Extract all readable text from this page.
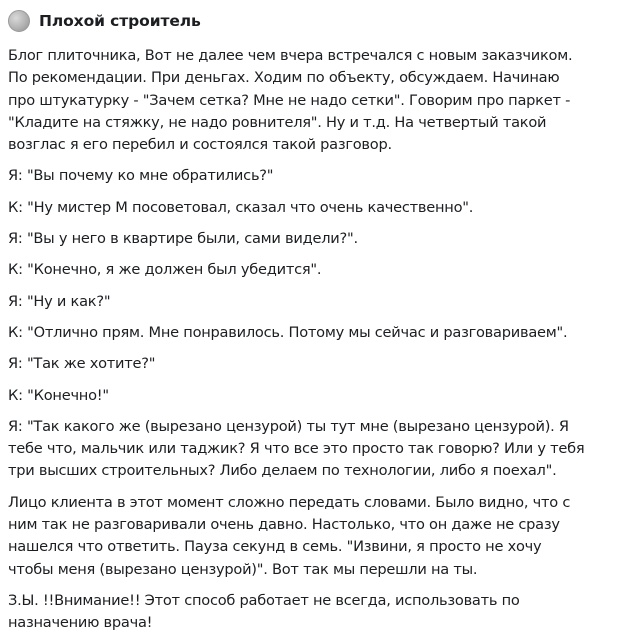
Плохой строитель
Блог плиточника, Вот не далее чем вчера встречался с новым заказчиком.
По рекомендации. При деньгах. Ходим по объекту, обсуждаем. Начинаю
про штукатурку - "Зачем сетка? Мне не надо сетки". Говорим про паркет -
"Кладите на стяжку, не надо ровнителя". Ну и т.д. На четвертый такой
возглас я его перебил и состоялся такой разговор.
Я: "Вы почему ко мне обратились?"
К: "Ну мистер М посоветовал, сказал что очень качественно".
Я: "Вы у него в квартире были, сами видели?".
К: "Конечно, я же должен был убедится".
Я: "Ну и как?"
К: "Отлично прям. Мне понравилось. Потому мы сейчас и разговариваем".
Я: "Так же хотите?"
К: "Конечно!"
Я: "Так какого же (вырезано цензурой) ты тут мне (вырезано цензурой). Я
тебе что, мальчик или таджик? Я что все это просто так говорю? Или у тебя
три высших строительных? Либо делаем по технологии, либо я поехал".
Лицо клиента в этот момент сложно передать словами. Было видно, что с
ним так не разговаривали очень давно. Настолько, что он даже не сразу
нашелся что ответить. Пауза секунд в семь. "Извини, я просто не хочу
чтобы меня (вырезано цензурой)". Вот так мы перешли на ты.
З.Ы. !!Внимание!! Этот способ работает не всегда, использовать по
назначению врача!
